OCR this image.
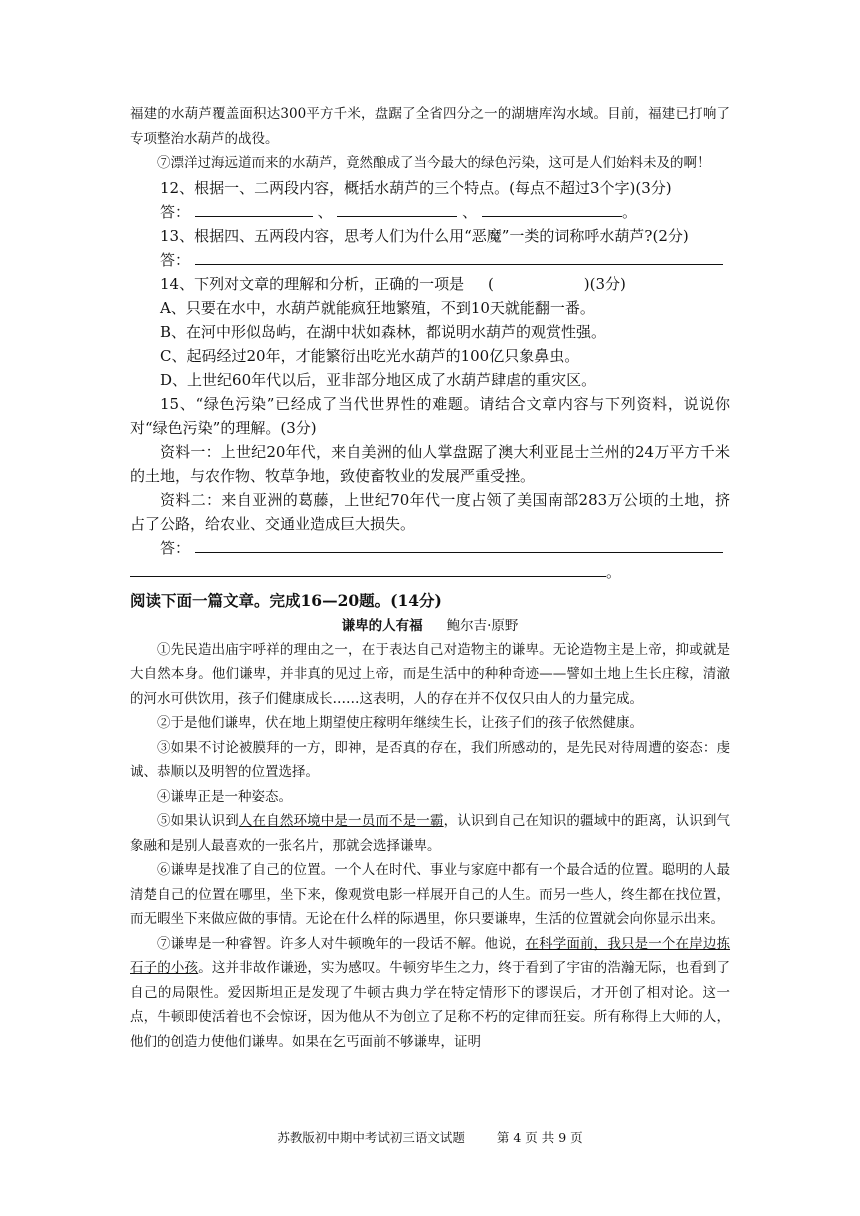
福建的水葫芦覆盖面积达300平方千米，盘踞了全省四分之一的湖塘库沟水域。目前，福建已打响了专项整治水葫芦的战役。

⑦漂洋过海远道而来的水葫芦，竟然酿成了当今最大的绿色污染，这可是人们始料未及的啊！

12、根据一、二两段内容，概括水葫芦的三个特点。(每点不超过3个字)(3分)

答：	、	、	。

13、根据四、五两段内容，思考人们为什么用“恶魔”一类的词称呼水葫芦?(2分)

答：

14、下列对文章的理解和分析，正确的一项是 (	)(3分)

A、只要在水中，水葫芦就能疯狂地繁殖，不到10天就能翻一番。

B、在河中形似岛屿，在湖中状如森林，都说明水葫芦的观赏性强。

C、起码经过20年，才能繁衍出吃光水葫芦的100亿只象鼻虫。

D、上世纪60年代以后，亚非部分地区成了水葫芦肆虐的重灾区。

15、“绿色污染”已经成了当代世界性的难题。请结合文章内容与下列资料，说说你对“绿色污染”的理解。(3分)

资料一：上世纪20年代，来自美洲的仙人掌盘踞了澳大利亚昆士兰州的24万平方千米的土地，与农作物、牧草争地，致使畜牧业的发展严重受挫。

资料二：来自亚洲的葛藤，上世纪70年代一度占领了美国南部283万公顷的土地，挤占了公路，给农业、交通业造成巨大损失。

答：

。

阅读下面一篇文章。完成16—20题。(14分)

谦卑的人有福 鲍尔吉·原野

①先民造出庙宇呼祥的理由之一，在于表达自己对造物主的谦卑。无论造物主是上帝，抑或就是大自然本身。他们谦卑，并非真的见过上帝，而是生活中的种种奇迹——譬如土地上生长庄稼，清澈的河水可供饮用，孩子们健康成长……这表明，人的存在并不仅仅只由人的力量完成。

②于是他们谦卑，伏在地上期望使庄稼明年继续生长，让孩子们的孩子依然健康。

③如果不讨论被膜拜的一方，即神，是否真的存在，我们所感动的，是先民对待周遭的姿态：虔诚、恭顺以及明智的位置选择。

④谦卑正是一种姿态。

⑤如果认识到人在自然环境中是一员而不是一霸，认识到自己在知识的疆域中的距离，认识到气象融和是别人最喜欢的一张名片，那就会选择谦卑。

⑥谦卑是找准了自己的位置。一个人在时代、事业与家庭中都有一个最合适的位置。聪明的人最清楚自己的位置在哪里，坐下来，像观赏电影一样展开自己的人生。而另一些人，终生都在找位置，而无暇坐下来做应做的事情。无论在什么样的际遇里，你只要谦卑，生活的位置就会向你显示出来。

⑦谦卑是一种睿智。许多人对牛顿晚年的一段话不解。他说，在科学面前，我只是一个在岸边拣石子的小孩。这并非故作谦逊，实为感叹。牛顿穷毕生之力，终于看到了宇宙的浩瀚无际，也看到了自己的局限性。爱因斯坦正是发现了牛顿古典力学在特定情形下的谬误后，才开创了相对论。这一点，牛顿即使活着也不会惊讶，因为他从不为创立了足称不朽的定律而狂妄。所有称得上大师的人，他们的创造力使他们谦卑。如果在乞丐面前不够谦卑，证明

苏教版初中期中考试初三语文试题	第 4 页 共 9 页
